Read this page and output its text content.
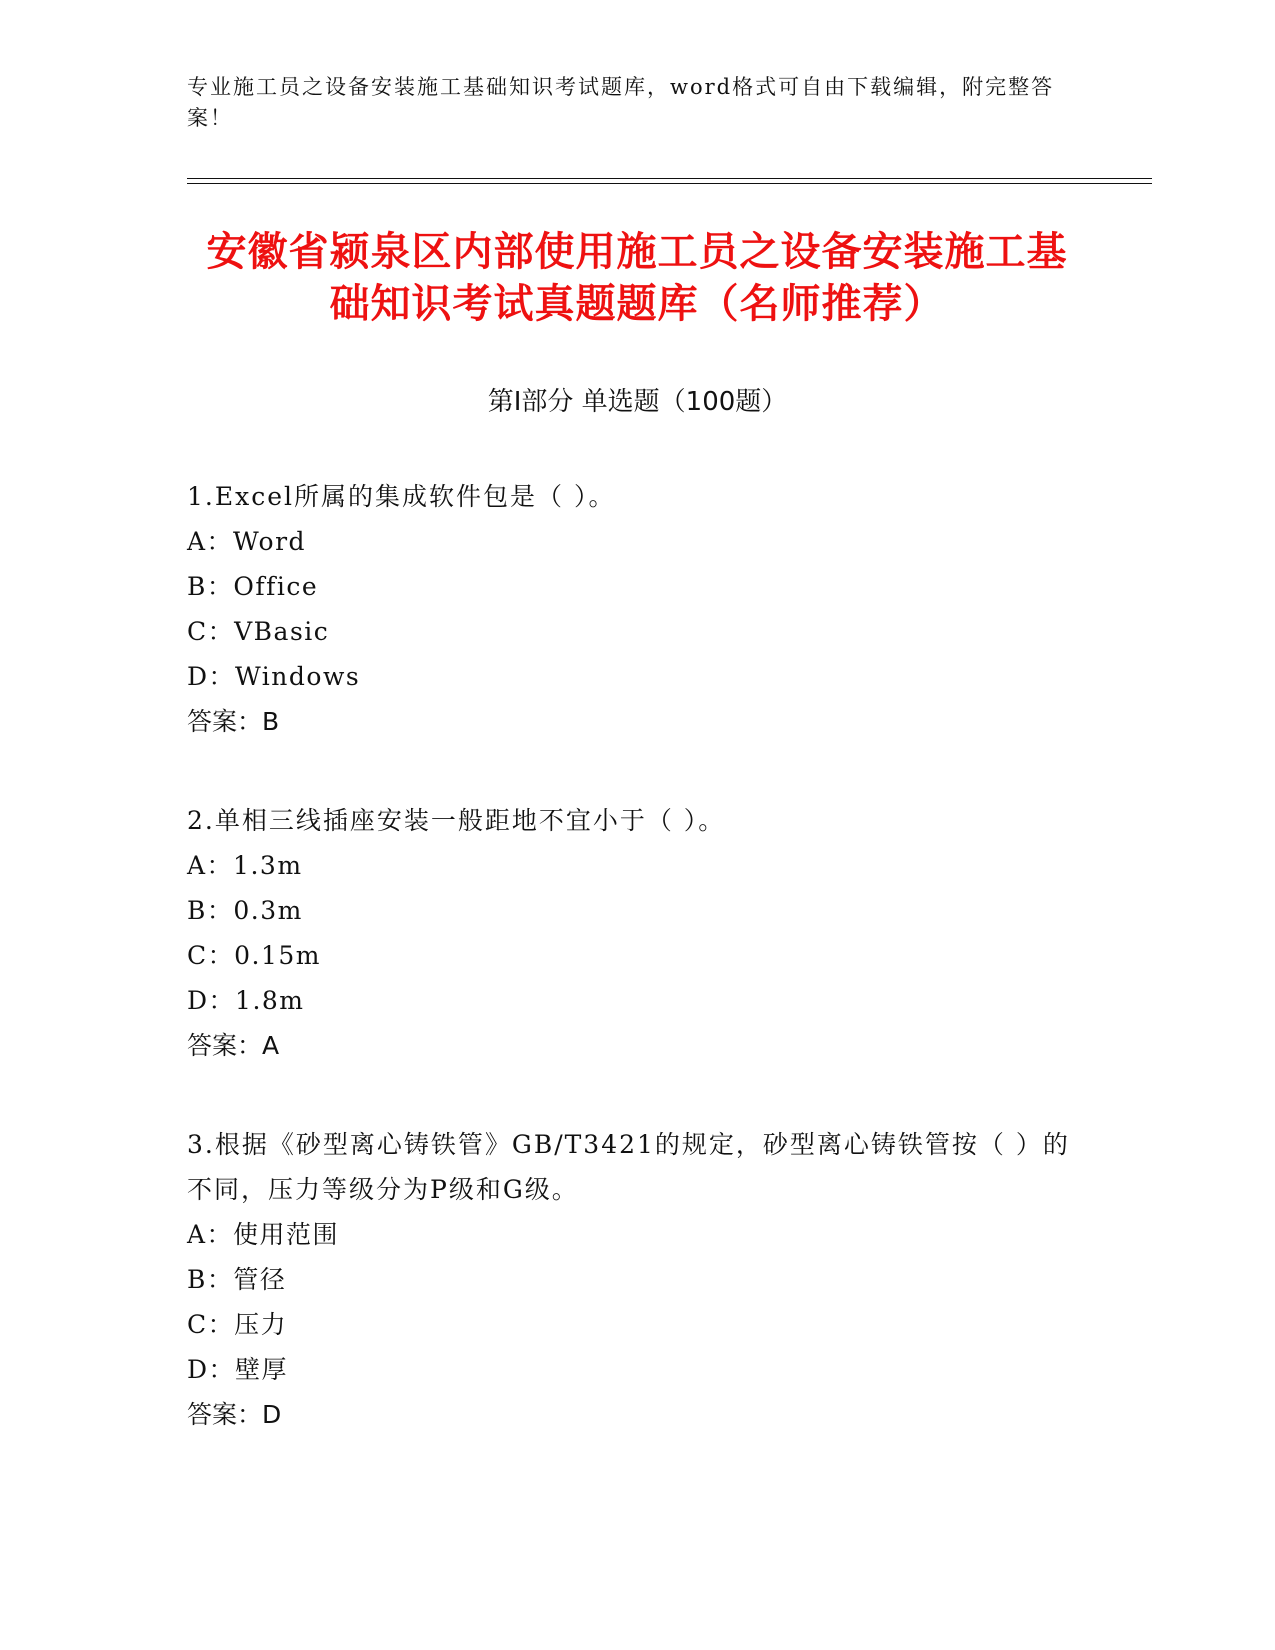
专业施工员之设备安装施工基础知识考试题库，word格式可自由下载编辑，附完整答案！
安徽省颍泉区内部使用施工员之设备安装施工基础知识考试真题题库（名师推荐）
第I部分 单选题（100题）
1.Excel所属的集成软件包是（ ）。
A：Word
B：Office
C：VBasic
D：Windows
答案：B
2.单相三线插座安装一般距地不宜小于（ ）。
A：1.3m
B：0.3m
C：0.15m
D：1.8m
答案：A
3.根据《砂型离心铸铁管》GB/T3421的规定，砂型离心铸铁管按（ ）的不同，压力等级分为P级和G级。
A：使用范围
B：管径
C：压力
D：壁厚
答案：D
